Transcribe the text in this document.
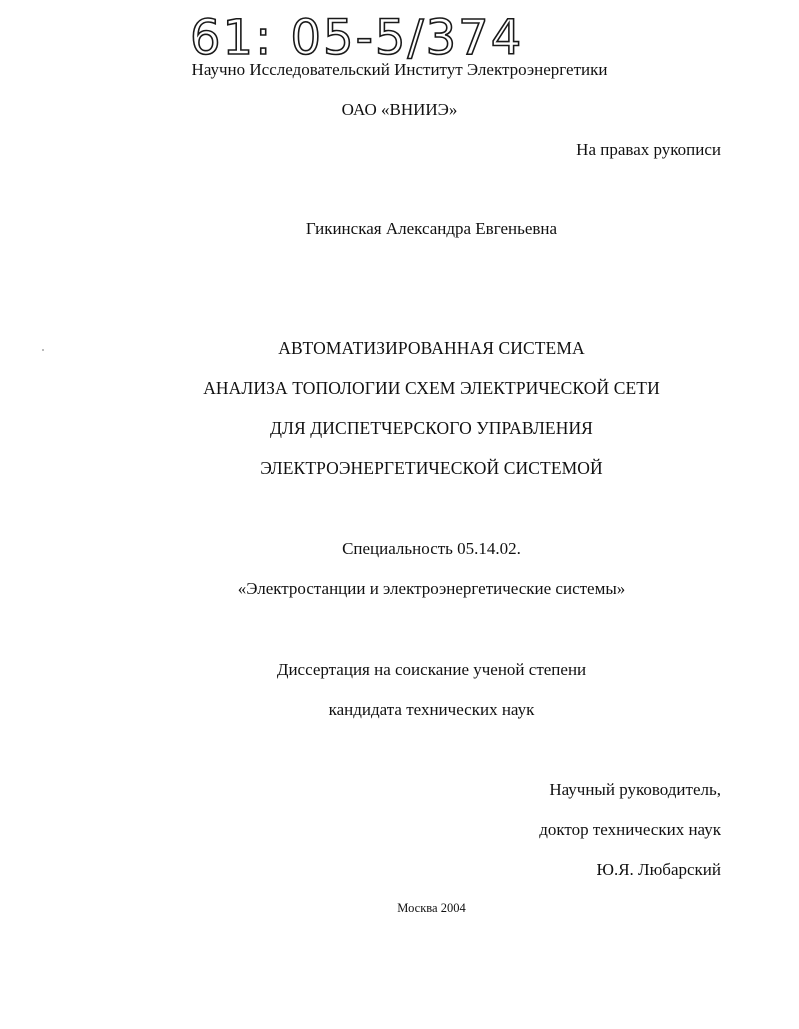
61: 05-5/374
Научно Исследовательский Институт Электроэнергетики
ОАО «ВНИИЭ»
На правах рукописи
Гикинская Александра Евгеньевна
АВТОМАТИЗИРОВАННАЯ СИСТЕМА
АНАЛИЗА ТОПОЛОГИИ СХЕМ ЭЛЕКТРИЧЕСКОЙ СЕТИ
ДЛЯ ДИСПЕТЧЕРСКОГО УПРАВЛЕНИЯ
ЭЛЕКТРОЭНЕРГЕТИЧЕСКОЙ СИСТЕМОЙ
Специальность 05.14.02.
«Электростанции и электроэнергетические системы»
Диссертация на соискание ученой степени
кандидата технических наук
Научный руководитель,
доктор технических наук
Ю.Я. Любарский
Москва 2004
